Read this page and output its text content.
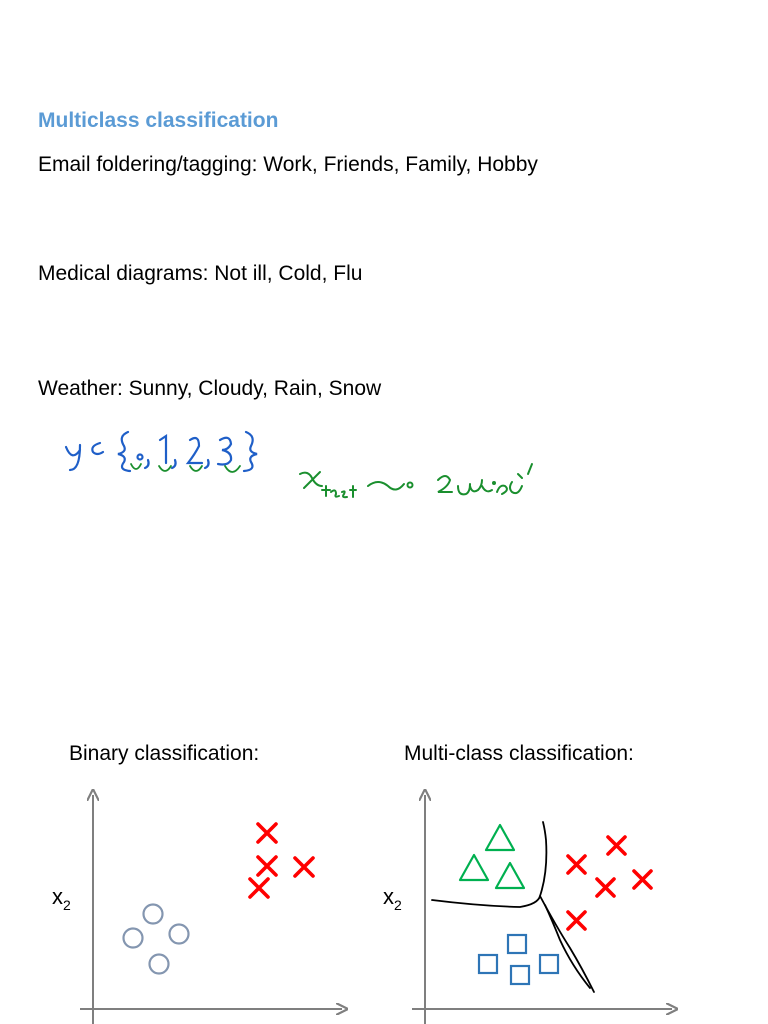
Multiclass classification
Email foldering/tagging: Work, Friends, Family, Hobby
Medical diagrams: Not ill, Cold, Flu
Weather: Sunny, Cloudy, Rain, Snow
Binary classification:	Multi-class classification:
$x_2$	$x_2$
